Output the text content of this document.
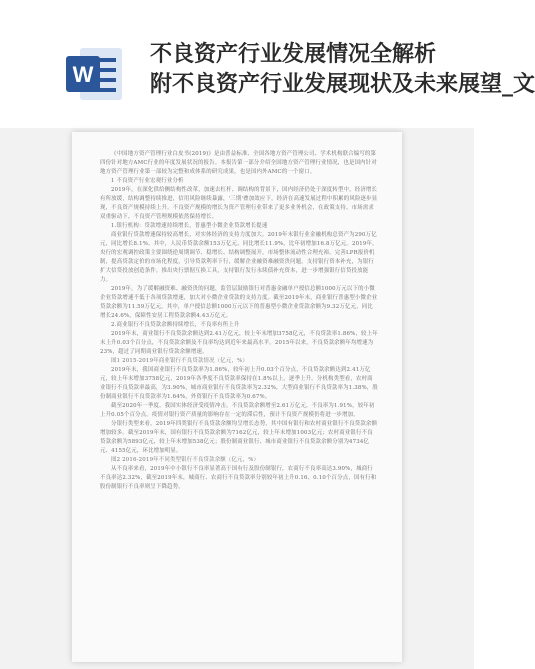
W
不良资产行业发展情况全解析
附不良资产行业发展现状及未来展望_文

《中国地方资产管理行业白皮书(2019)》是由普益标准、全国各地方资产管理公司、学术机构联合编写的第四份针对地方AMC行业的年度发展状况的报告。本报告第一部分介绍全国地方资产管理行业情况，也是国内针对地方资产管理行业第一部较为完整和成体系的研究成果，也是国内外AMC的一个窗口。

1 不良资产行业宏观行业分析

2019年，在深化供给侧结构性改革，加速去杠杆、调结构的背景下，国内经济仍处于深度转型中，经济增长有所放缓，结构调整持续推进，信用风险继续暴露，'三期'叠加效应下，经济在高速发展过程中积累的风险逐步显现，不良资产规模持续上升。不良资产规模的增长为资产管理行业带来了更多业务机会，在政策支持、市场需求双重驱动下，不良资产管理规模依然保持增长。

1.银行机构：贷款增速持续增长，普惠型小微企业贷款增长提速

商业银行贷款增速保持较高增长，对实体经济的支持力度加大。2019年末银行业金融机构总资产为290万亿元，同比增长8.1%。其中，人民币贷款余额153万亿元，同比增长11.9%，比年初增加16.8万亿元。2019年，央行的宏观调控政策主要围绕逆周期调节、稳增长、结构调整展开，市场整体流动性合理充裕。完善LPR报价机制，提高贷款定价的市场化程度，引导贷款利率下行，缓解企业融资难融资贵问题。支持银行资本补充，为银行扩大信贷投放创造条件。推出央行票据互换工具，支持银行发行永续债补充资本，进一步增强银行信贷投放能力。

2019年，为了缓解融资难、融资贵的问题，监管层鼓励银行对普惠金融单户授信总额1000万元以下的小微企业贷款增速不低于各项贷款增速，加大对小微企业贷款的支持力度。截至2019年末，商业银行普惠型小微企业贷款余额为11.59万亿元，其中，单户授信总额1000万元以下的普惠型小微企业贷款余额为9.32万亿元，同比增长24.6%，保障性安居工程贷款余额4.43万亿元。

2.商业银行不良贷款余额持续增长，不良率有所上升

2019年末，商业银行不良贷款余额达到2.41万亿元，较上年末增加3758亿元，不良贷款率1.86%，较上年末上升0.03个百分点，不良贷款余额及不良率均达到近年来最高水平。2015年以来，不良贷款余额年均增速为23%，超过了同期商业银行贷款余额增速。

图1 2015-2019年商业银行不良贷款情况（亿元，%）

2019年末，我国商业银行不良贷款率为1.86%，较年初上升0.03个百分点，不良贷款余额达到2.41万亿元，较上年末增加3758亿元，2019年各季度不良贷款率保持在1.8%以上，逐季上升。分机构类型看，农村商业银行不良贷款率最高，为3.90%，城市商业银行不良贷款率为2.32%，大型商业银行不良贷款率为1.38%，股份制商业银行不良贷款率为1.64%，外资银行不良贷款率为0.67%。

截至2020年一季度，我国实体经济受疫情冲击，不良贷款余额增至2.61万亿元，不良率为1.91%，较年初上升0.05个百分点。疫情对银行资产质量的影响存在一定的滞后性，预计不良资产规模仍将进一步增加。

分银行类型来看，2019年四类银行不良贷款余额均呈增长态势，其中国有银行和农村商业银行不良贷款余额增加较多。截至2019年末，国有银行不良贷款余额为7162亿元，较上年末增加1003亿元；农村商业银行不良贷款余额为5893亿元，较上年末增加538亿元；股份制商业银行、城市商业银行不良贷款余额分别为4734亿元、4155亿元，环比增加明显。

图2 2016-2019年不同类型银行不良贷款余额（亿元，%）

从不良率来看，2019年中小银行不良率显著高于国有行及股份制银行，农商行不良率高达3.90%，城商行不良率达2.32%，截至2019年末，城商行、农商行不良贷款率分别较年初上升0.16、0.10个百分点，国有行和股份制银行不良率则呈下降趋势。
